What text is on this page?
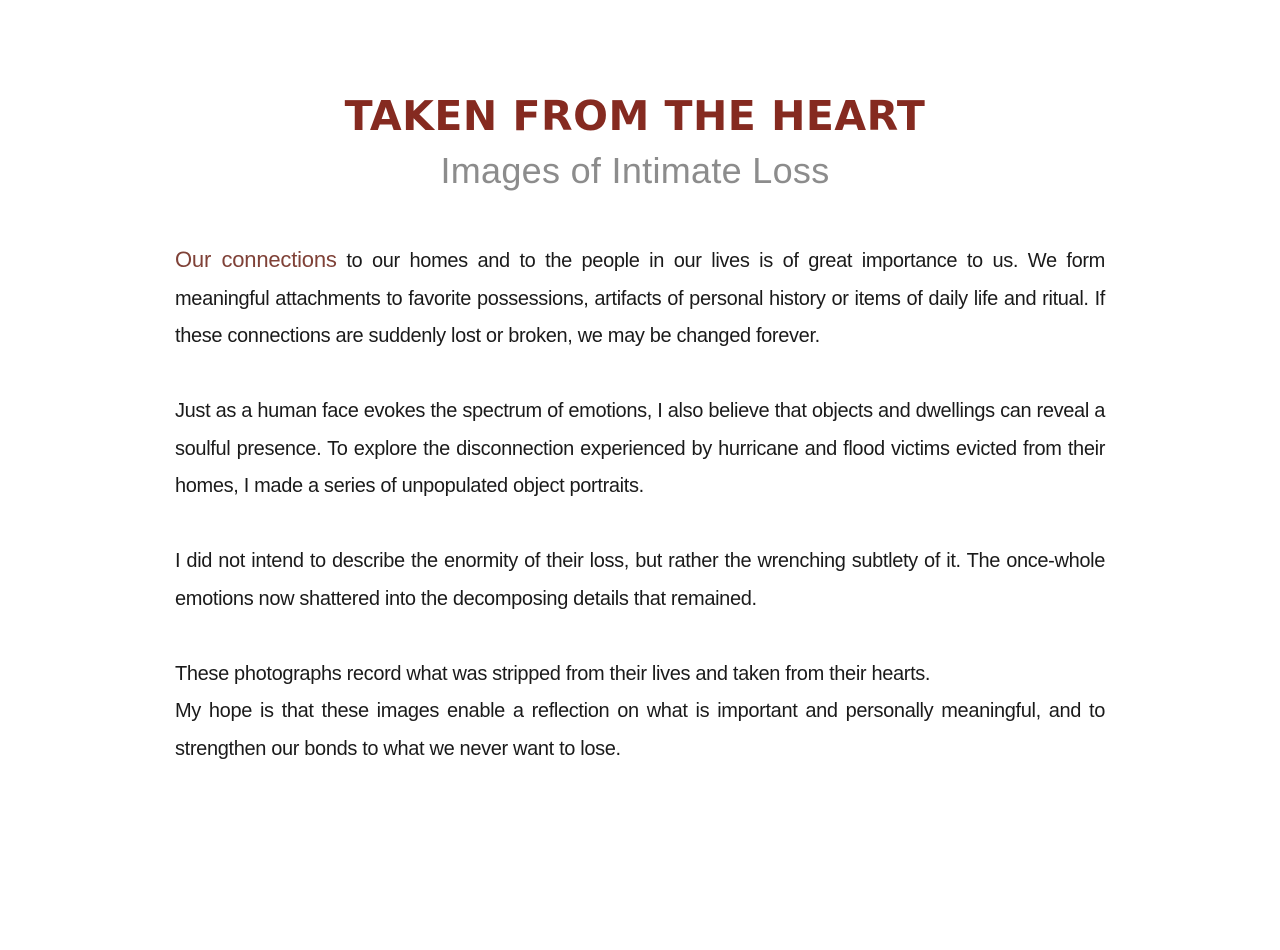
TAKEN FROM THE HEART
Images of Intimate Loss

Our connections to our homes and to the people in our lives is of great importance to us. We form meaningful attachments to favorite possessions, artifacts of personal history or items of daily life and ritual. If these connections are suddenly lost or broken, we may be changed forever.

Just as a human face evokes the spectrum of emotions, I also believe that objects and dwellings can reveal a soulful presence. To explore the disconnection experienced by hurricane and flood victims evicted from their homes, I made a series of unpopulated object portraits.

I did not intend to describe the enormity of their loss, but rather the wrenching subtlety of it. The once-whole emotions now shattered into the decomposing details that remained.

These photographs record what was stripped from their lives and taken from their hearts.
My hope is that these images enable a reflection on what is important and personally meaningful, and to strengthen our bonds to what we never want to lose.
